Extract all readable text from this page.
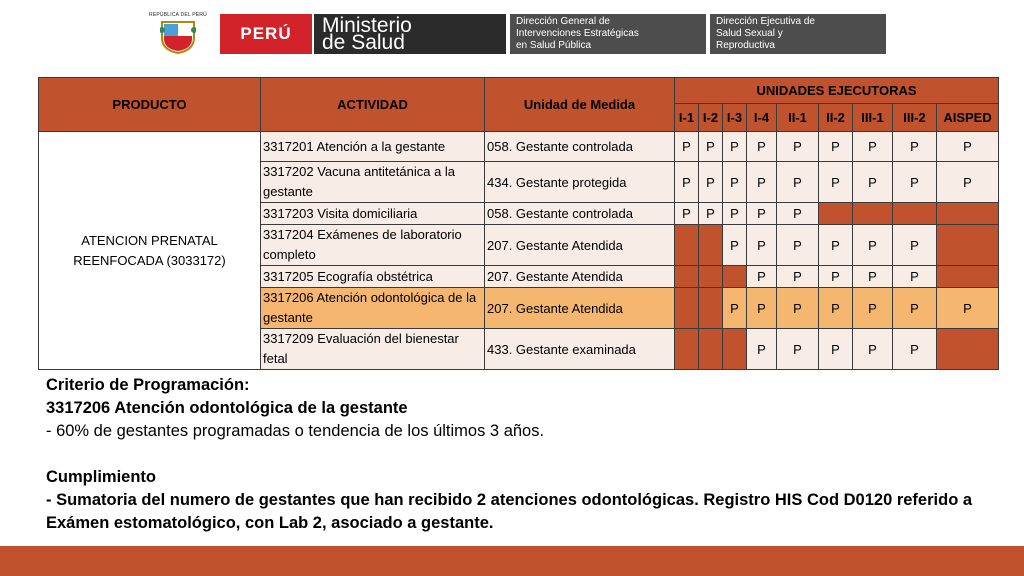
REPÚBLICA DEL PERÚ
PERÚ	Ministerio
de Salud
Dirección General de
Intervenciones Estratégicas
en Salud Pública
Dirección Ejecutiva de
Salud Sexual y
Reproductiva
PRODUCTO	ACTIVIDAD	Unidad de Medida	UNIDADES EJECUTORAS								
			I-1	I-2	I-3	I-4	II-1	II-2	III-1	III-2	AISPED
ATENCION PRENATAL REENFOCADA (3033172)	3317201 Atención a la gestante	058. Gestante controlada	P	P	P	P	P	P	P	P	P
	3317202 Vacuna antitetánica a la gestante	434. Gestante protegida	P	P	P	P	P	P	P	P	P
	3317203 Visita domiciliaria	058. Gestante controlada	P	P	P	P	P				
	3317204 Exámenes de laboratorio completo	207. Gestante Atendida			P	P	P	P	P	P	
	3317205 Ecografía obstétrica	207. Gestante Atendida				P	P	P	P	P	
	3317206 Atención odontológica de la gestante	207. Gestante Atendida			P	P	P	P	P	P	P
	3317209 Evaluación del bienestar fetal	433. Gestante examinada				P	P	P	P	P	
Criterio de Programación:
3317206 Atención odontológica de la gestante
- 60% de gestantes programadas o tendencia de los últimos 3 años.
Cumplimiento
- Sumatoria del numero de gestantes que han recibido 2 atenciones odontológicas. Registro HIS Cod D0120 referido a Exámen estomatológico, con Lab 2, asociado a gestante.
